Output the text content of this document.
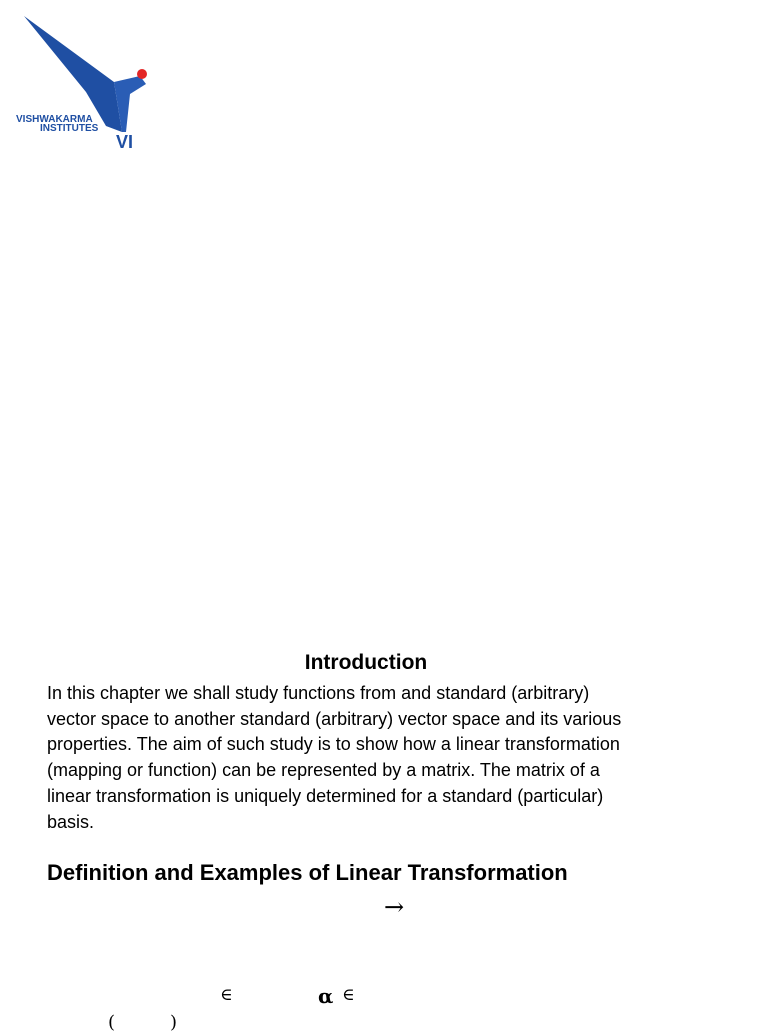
VISHWAKARMA
INSTITUTES
VI
Introduction
In this chapter we shall study functions from and standard (arbitrary)
vector space to another standard (arbitrary) vector space and its various
properties. The aim of such study is to show how a linear transformation
(mapping or function) can be represented by a matrix. The matrix of a
linear transformation is uniquely determined for a standard (particular)
basis.
Definition and Examples of Linear Transformation
→
∈	α ∈
(	)
